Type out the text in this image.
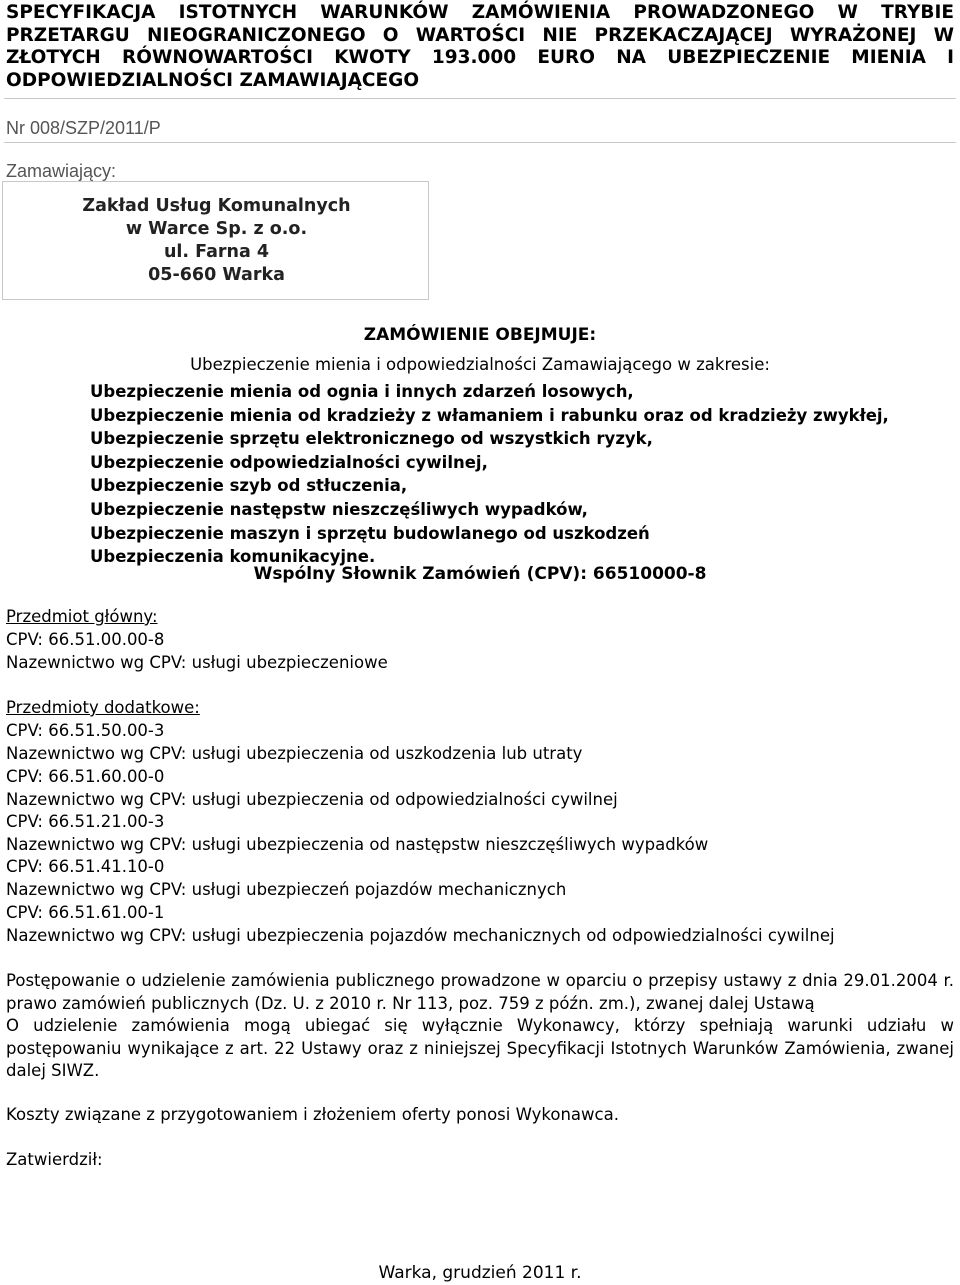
SPECYFIKACJA ISTOTNYCH WARUNKÓW ZAMÓWIENIA PROWADZONEGO W TRYBIE PRZETARGU NIEOGRANICZONEGO O WARTOŚCI NIE PRZEKACZAJĄCEJ WYRAŻONEJ W ZŁOTYCH RÓWNOWARTOŚCI KWOTY 193.000 EURO NA UBEZPIECZENIE MIENIA I ODPOWIEDZIALNOŚCI ZAMAWIAJĄCEGO
Nr 008/SZP/2011/P
Zamawiający:
Zakład Usług Komunalnych
w Warce Sp. z o.o.
ul. Farna 4
05-660 Warka
ZAMÓWIENIE OBEJMUJE:
Ubezpieczenie mienia i odpowiedzialności Zamawiającego w zakresie:
Ubezpieczenie mienia od ognia i innych zdarzeń losowych,
Ubezpieczenie mienia od kradzieży z włamaniem i rabunku oraz od kradzieży zwykłej,
Ubezpieczenie sprzętu elektronicznego od wszystkich ryzyk,
Ubezpieczenie odpowiedzialności cywilnej,
Ubezpieczenie szyb od stłuczenia,
Ubezpieczenie następstw nieszczęśliwych wypadków,
Ubezpieczenie maszyn i sprzętu budowlanego od uszkodzeń
Ubezpieczenia komunikacyjne.
Wspólny Słownik Zamówień (CPV): 66510000-8
Przedmiot główny:
CPV: 66.51.00.00-8
Nazewnictwo wg CPV: usługi ubezpieczeniowe
Przedmioty dodatkowe:
CPV: 66.51.50.00-3
Nazewnictwo wg CPV: usługi ubezpieczenia od uszkodzenia lub utraty
CPV: 66.51.60.00-0
Nazewnictwo wg CPV: usługi ubezpieczenia od odpowiedzialności cywilnej
CPV: 66.51.21.00-3
Nazewnictwo wg CPV: usługi ubezpieczenia od następstw nieszczęśliwych wypadków
CPV: 66.51.41.10-0
Nazewnictwo wg CPV: usługi ubezpieczeń pojazdów mechanicznych
CPV: 66.51.61.00-1
Nazewnictwo wg CPV: usługi ubezpieczenia pojazdów mechanicznych od odpowiedzialności cywilnej
Postępowanie o udzielenie zamówienia publicznego prowadzone w oparciu o przepisy ustawy z dnia 29.01.2004 r.
prawo zamówień publicznych (Dz. U. z 2010 r. Nr 113, poz. 759 z późn. zm.), zwanej dalej Ustawą
O udzielenie zamówienia mogą ubiegać się wyłącznie Wykonawcy, którzy spełniają warunki udziału w
postępowaniu wynikające z art. 22 Ustawy oraz z niniejszej Specyfikacji Istotnych Warunków Zamówienia, zwanej
dalej SIWZ.
Koszty związane z przygotowaniem i złożeniem oferty ponosi Wykonawca.
Zatwierdził:
Warka, grudzień 2011 r.
